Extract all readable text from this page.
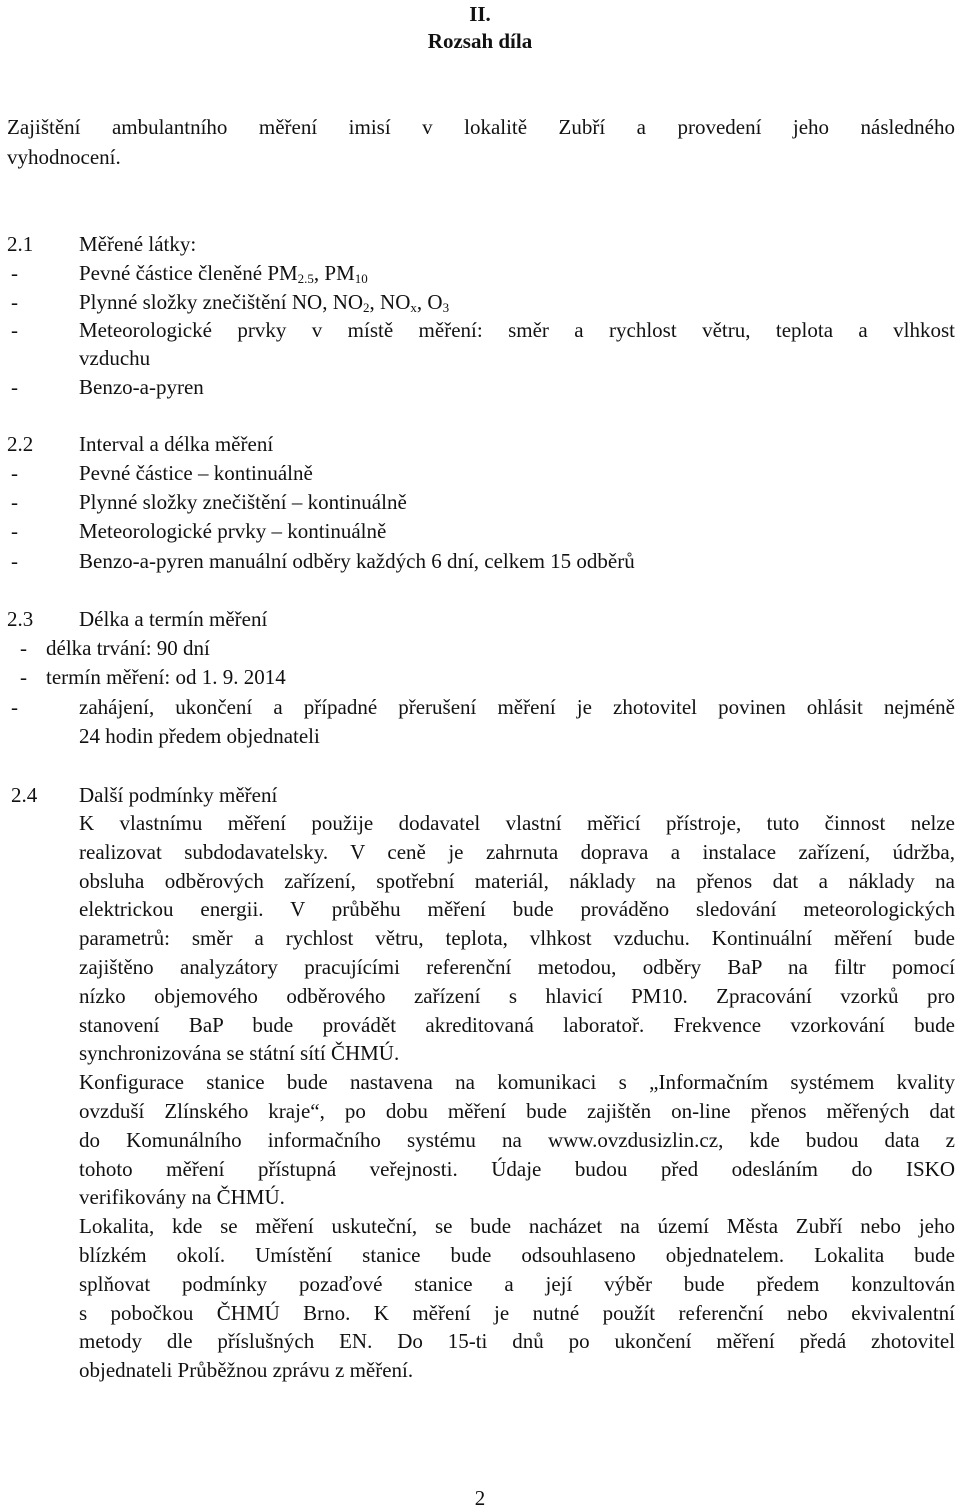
II.
Rozsah díla
Zajištění ambulantního měření imisí v lokalitě Zubří a provedení jeho následného
vyhodnocení.
2.1 Měřené látky:
-	Pevné částice členěné $PM_{2.5}$, $PM_{10}$
-	Plynné složky znečištění NO, $NO_2$, $NO_x$, $O_3$
-	Meteorologické prvky v místě měření: směr a rychlost větru, teplota a vlhkost
vzduchu
-	Benzo-a-pyren
2.2 Interval a délka měření
-	Pevné částice – kontinuálně
-	Plynné složky znečištění – kontinuálně
-	Meteorologické prvky – kontinuálně
-	Benzo-a-pyren manuální odběry každých 6 dní, celkem 15 odběrů
2.3 Délka a termín měření
- délka trvání: 90 dní
- termín měření: od 1. 9. 2014
-	zahájení, ukončení a případné přerušení měření je zhotovitel povinen ohlásit nejméně
24 hodin předem objednateli
2.4 Další podmínky měření
K vlastnímu měření použije dodavatel vlastní měřicí přístroje, tuto činnost nelze
realizovat subdodavatelsky. V ceně je zahrnuta doprava a instalace zařízení, údržba,
obsluha odběrových zařízení, spotřební materiál, náklady na přenos dat a náklady na
elektrickou energii. V průběhu měření bude prováděno sledování meteorologických
parametrů: směr a rychlost větru, teplota, vlhkost vzduchu. Kontinuální měření bude
zajištěno analyzátory pracujícími referenční metodou, odběry BaP na filtr pomocí
nízko objemového odběrového zařízení s hlavicí PM10. Zpracování vzorků pro
stanovení BaP bude provádět akreditovaná laboratoř. Frekvence vzorkování bude
synchronizována se státní sítí ČHMÚ.
Konfigurace stanice bude nastavena na komunikaci s „Informačním systémem kvality
ovzduší Zlínského kraje“, po dobu měření bude zajištěn on-line přenos měřených dat
do Komunálního informačního systému na www.ovzdusizlin.cz, kde budou data z
tohoto měření přístupná veřejnosti. Údaje budou před odesláním do ISKO
verifikovány na ČHMÚ.
Lokalita, kde se měření uskuteční, se bude nacházet na území Města Zubří nebo jeho
blízkém okolí. Umístění stanice bude odsouhlaseno objednatelem. Lokalita bude
splňovat podmínky pozaďové stanice a její výběr bude předem konzultován
s pobočkou ČHMÚ Brno. K měření je nutné použít referenční nebo ekvivalentní
metody dle příslušných EN. Do 15-ti dnů po ukončení měření předá zhotovitel
objednateli Průběžnou zprávu z měření.
2
